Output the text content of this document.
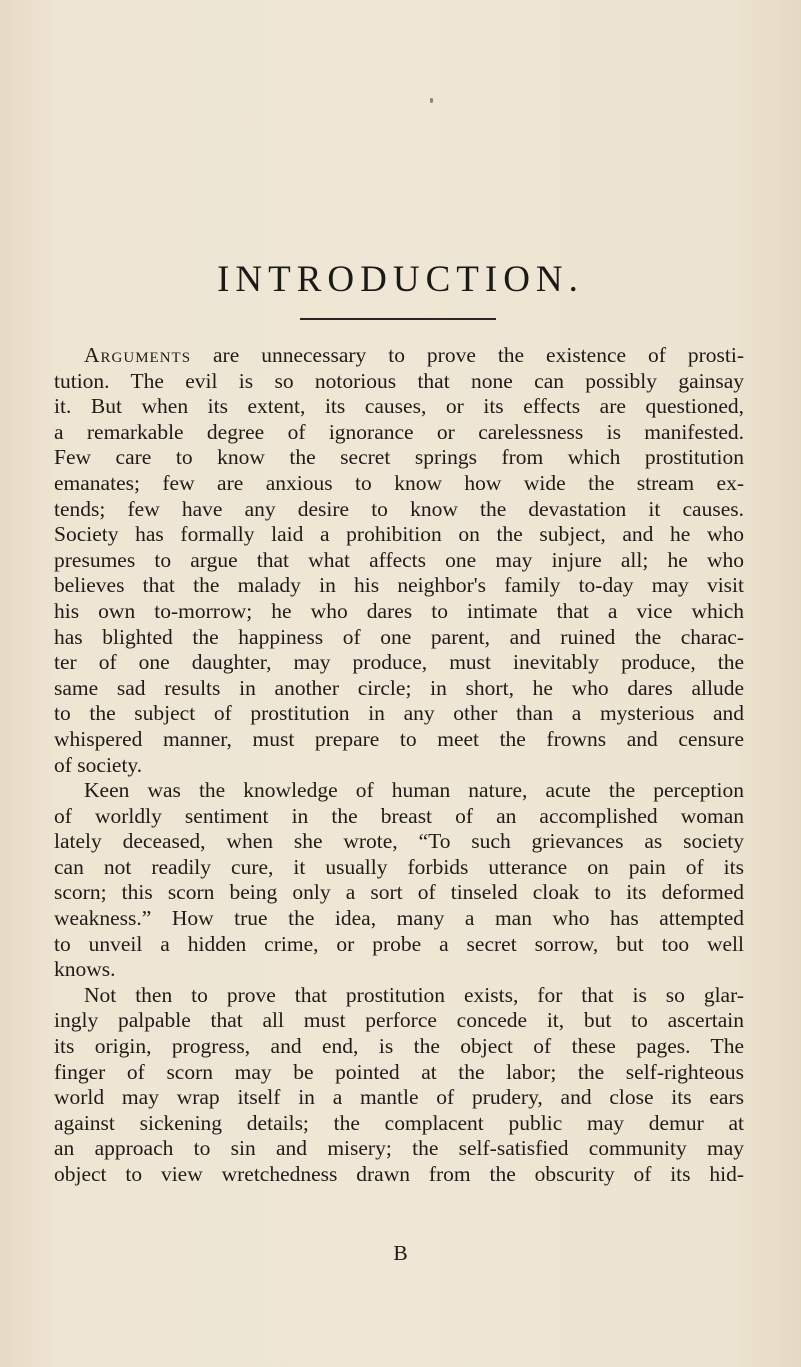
INTRODUCTION.
Arguments are unnecessary to prove the existence of prosti-
tution. The evil is so notorious that none can possibly gainsay
it. But when its extent, its causes, or its effects are questioned,
a remarkable degree of ignorance or carelessness is manifested.
Few care to know the secret springs from which prostitution
emanates; few are anxious to know how wide the stream ex-
tends; few have any desire to know the devastation it causes.
Society has formally laid a prohibition on the subject, and he who
presumes to argue that what affects one may injure all; he who
believes that the malady in his neighbor's family to-day may visit
his own to-morrow; he who dares to intimate that a vice which
has blighted the happiness of one parent, and ruined the charac-
ter of one daughter, may produce, must inevitably produce, the
same sad results in another circle; in short, he who dares allude
to the subject of prostitution in any other than a mysterious and
whispered manner, must prepare to meet the frowns and censure
of society.
Keen was the knowledge of human nature, acute the perception
of worldly sentiment in the breast of an accomplished woman
lately deceased, when she wrote, “To such grievances as society
can not readily cure, it usually forbids utterance on pain of its
scorn; this scorn being only a sort of tinseled cloak to its deformed
weakness.” How true the idea, many a man who has attempted
to unveil a hidden crime, or probe a secret sorrow, but too well
knows.
Not then to prove that prostitution exists, for that is so glar-
ingly palpable that all must perforce concede it, but to ascertain
its origin, progress, and end, is the object of these pages. The
finger of scorn may be pointed at the labor; the self-righteous
world may wrap itself in a mantle of prudery, and close its ears
against sickening details; the complacent public may demur at
an approach to sin and misery; the self-satisfied community may
object to view wretchedness drawn from the obscurity of its hid-
B
